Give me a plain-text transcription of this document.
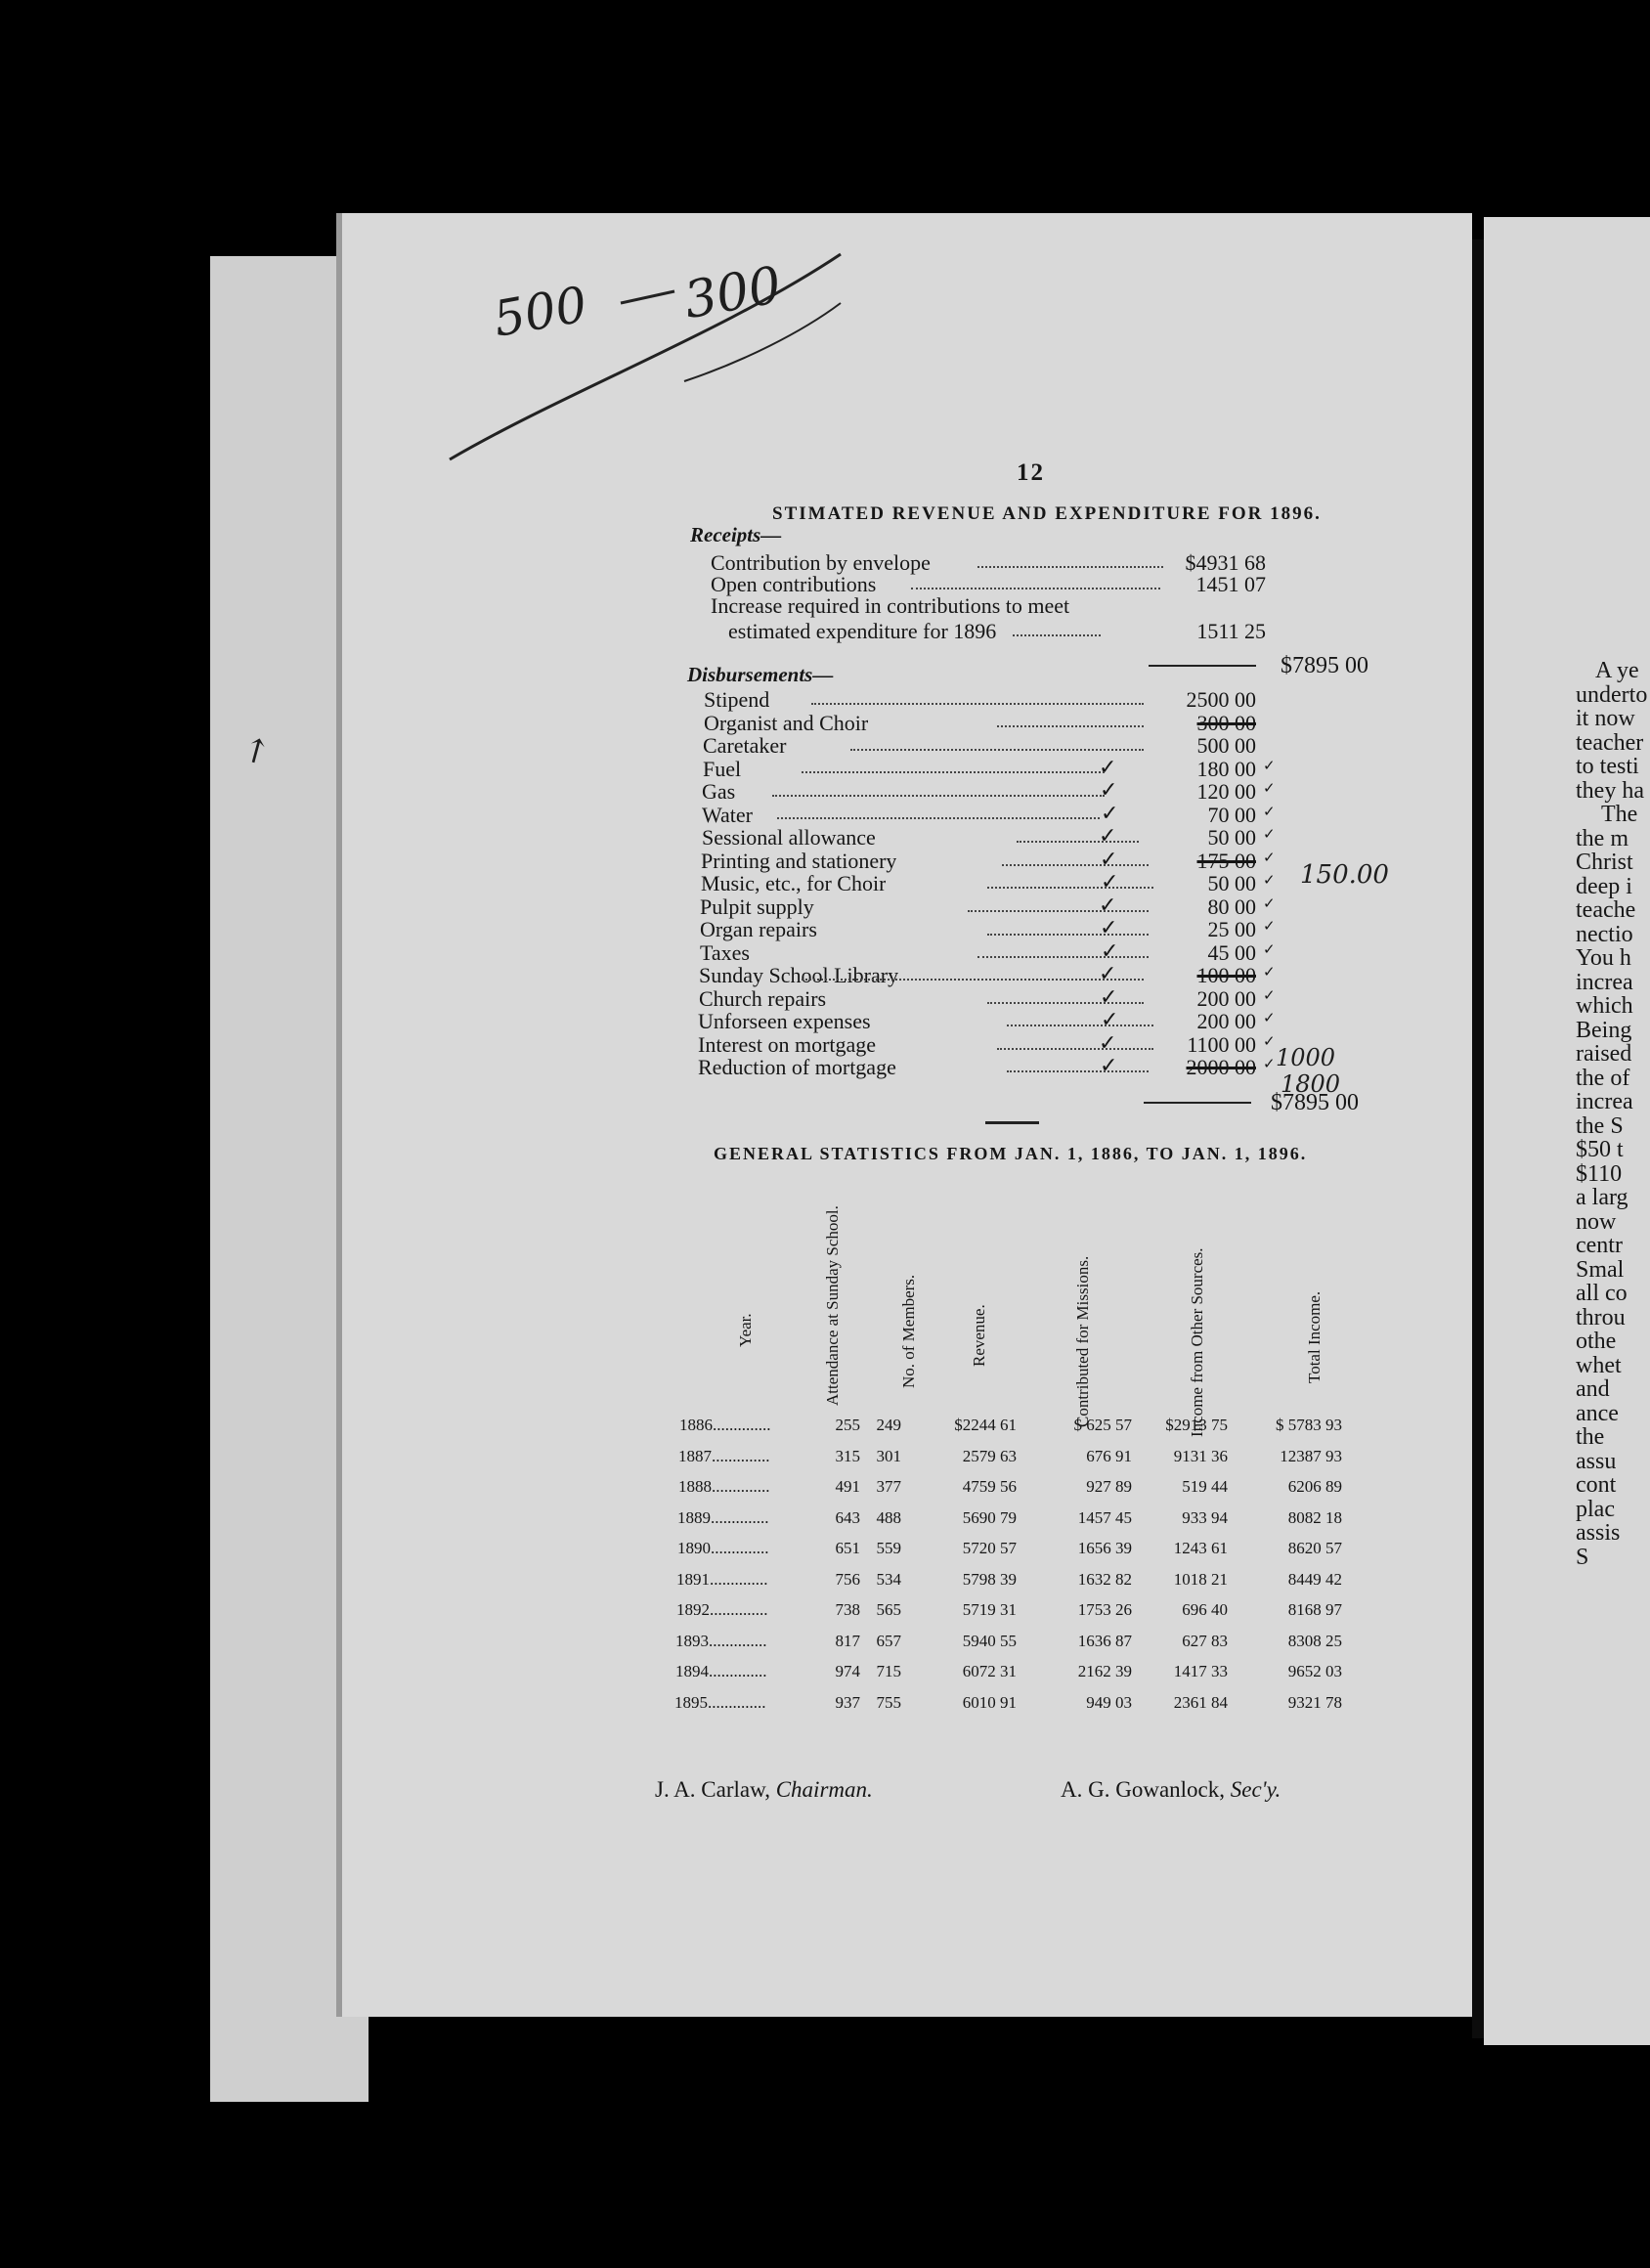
500 300
↗
12
STIMATED REVENUE AND EXPENDITURE FOR 1896.
Receipts—
Contribution by envelope	$4931 68
Open contributions	1451 07
Increase required in contributions to meet
estimated expenditure for 1896	1511 25
$7895 00
Disbursements—
Stipend	2500 00
Organist and Choir	300 00
Caretaker	500 00
Fuel	180 00
✓	✓
Gas	120 00
✓	✓
Water	70 00
✓	✓
Sessional allowance	50 00
✓	✓
Printing and stationery	175 00
✓	✓
Music, etc., for Choir	50 00
✓	✓
Pulpit supply	80 00
✓	✓
Organ repairs	25 00
✓	✓
Taxes	45 00
✓	✓
Sunday School Library	100 00
✓	✓
Church repairs	200 00
✓	✓
Unforseen expenses	200 00
✓	✓
Interest on mortgage	1100 00
✓	✓
Reduction of mortgage	2000 00
✓	✓
$7895 00
150.00
1000
1800
GENERAL STATISTICS FROM JAN. 1, 1886, TO JAN. 1, 1896.
Year.	Attendance at Sunday School.	No. of Members.	Revenue.	Contributed for Missions.	Income from Other Sources.	Total Income.
1886..............	255 249	$2244 61	$ 625 57	$2913 75	$ 5783 93
1887..............	315 301	2579 63	676 91	9131 36	12387 93
1888..............	491 377	4759 56	927 89	519 44	6206 89
1889..............	643 488	5690 79	1457 45	933 94	8082 18
1890..............	651 559	5720 57	1656 39	1243 61	8620 57
1891..............	756 534	5798 39	1632 82	1018 21	8449 42
1892..............	738 565	5719 31	1753 26	696 40	8168 97
1893..............	817 657	5940 55	1636 87	627 83	8308 25
1894..............	974 715	6072 31	2162 39	1417 33	9652 03
1895..............	937 755	6010 91	949 03	2361 84	9321 78
J. A. Carlaw, Chairman.	A. G. Gowanlock, Sec'y.
A ye
underto
it now
teacher
to testi
they ha
The
the m
Christ
deep i
teache
nectio
You h
increa
which
Being
raised
the of
increa
the S
$50 t
$110
a larg
now
centr
Smal
all co
throu
othe
whet
and
ance
the
assu
cont
plac
assis
S
